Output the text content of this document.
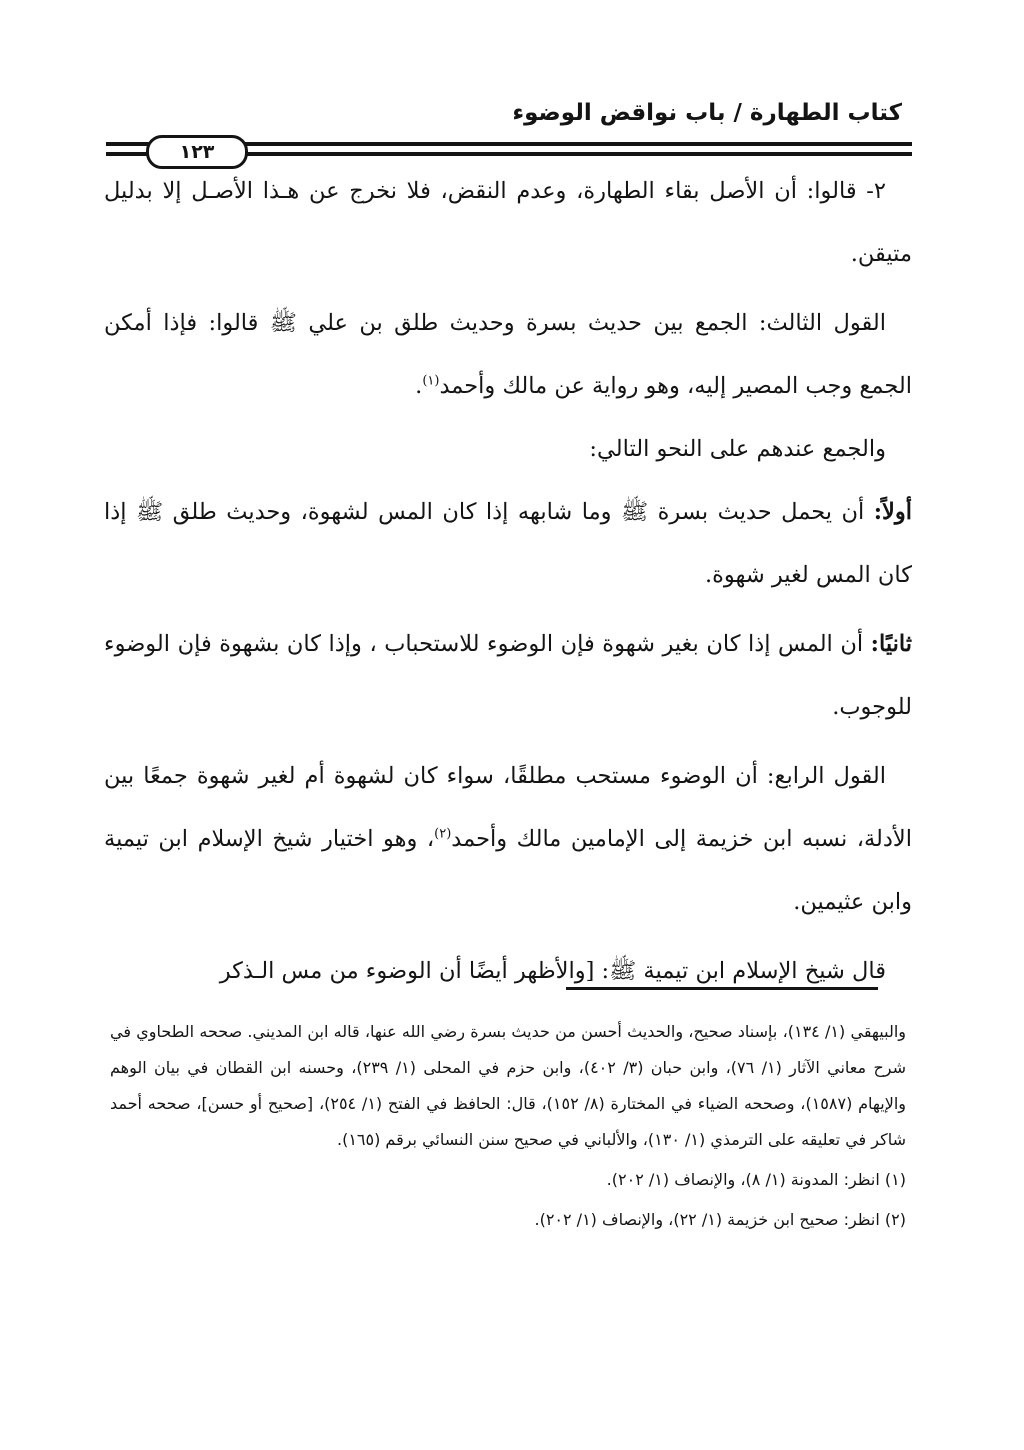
كتاب الطهارة / باب نواقض الوضوء
١٢٣

٢- قالوا: أن الأصل بقاء الطهارة، وعدم النقض، فلا نخرج عن هـذا الأصـل إلا بدليل متيقن.

القول الثالث: الجمع بين حديث بسرة وحديث طلق بن علي ﷺ قالوا: فإذا أمكن الجمع وجب المصير إليه، وهو رواية عن مالك وأحمد$^{(١)}$.

والجمع عندهم على النحو التالي:

أولاً: أن يحمل حديث بسرة ﷺ وما شابهه إذا كان المس لشهوة، وحديث طلق ﷺ إذا كان المس لغير شهوة.

ثانيًا: أن المس إذا كان بغير شهوة فإن الوضوء للاستحباب ، وإذا كان بشهوة فإن الوضوء للوجوب.

القول الرابع: أن الوضوء مستحب مطلقًا، سواء كان لشهوة أم لغير شهوة جمعًا بين الأدلة، نسبه ابن خزيمة إلى الإمامين مالك وأحمد$^{(٢)}$، وهو اختيار شيخ الإسلام ابن تيمية وابن عثيمين.

قال شيخ الإسلام ابن تيمية ﷺ: [والأظهر أيضًا أن الوضوء من مس الـذكر

والبيهقي (١/ ١٣٤)، بإسناد صحيح، والحديث أحسن من حديث بسرة رضي الله عنها، قاله ابن المديني. صححه الطحاوي في شرح معاني الآثار (١/ ٧٦)، وابن حبان (٣/ ٤٠٢)، وابن حزم في المحلى (١/ ٢٣٩)، وحسنه ابن القطان في بيان الوهم والإيهام (١٥٨٧)، وصححه الضياء في المختارة (٨/ ١٥٢)، قال: الحافظ في الفتح (١/ ٢٥٤)، [صحيح أو حسن]، صححه أحمد شاكر في تعليقه على الترمذي (١/ ١٣٠)، والألباني في صحيح سنن النسائي برقم (١٦٥).

(١) انظر: المدونة (١/ ٨)، والإنصاف (١/ ٢٠٢).

(٢) انظر: صحيح ابن خزيمة (١/ ٢٢)، والإنصاف (١/ ٢٠٢).
